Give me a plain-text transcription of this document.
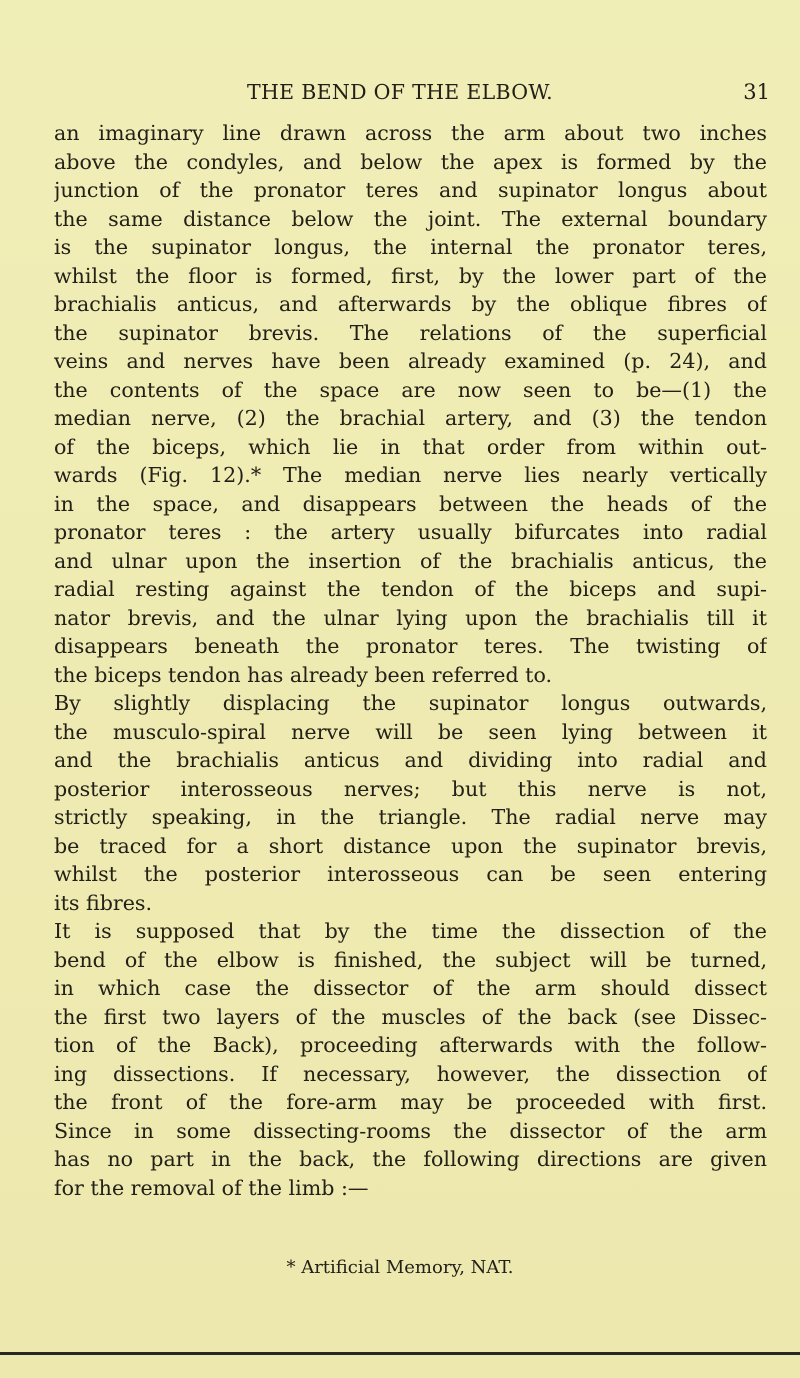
THE BEND OF THE ELBOW.	31
an imaginary line drawn across the arm about two inches
above the condyles, and below the apex is formed by the
junction of the pronator teres and supinator longus about
the same distance below the joint. The external boundary
is the supinator longus, the internal the pronator teres,
whilst the floor is formed, first, by the lower part of the
brachialis anticus, and afterwards by the oblique fibres of
the supinator brevis. The relations of the superficial
veins and nerves have been already examined (p. 24), and
the contents of the space are now seen to be—(1) the
median nerve, (2) the brachial artery, and (3) the tendon
of the biceps, which lie in that order from within out-
wards (Fig. 12).* The median nerve lies nearly vertically
in the space, and disappears between the heads of the
pronator teres : the artery usually bifurcates into radial
and ulnar upon the insertion of the brachialis anticus, the
radial resting against the tendon of the biceps and supi-
nator brevis, and the ulnar lying upon the brachialis till it
disappears beneath the pronator teres. The twisting of
the biceps tendon has already been referred to.
By slightly displacing the supinator longus outwards,
the musculo-spiral nerve will be seen lying between it
and the brachialis anticus and dividing into radial and
posterior interosseous nerves; but this nerve is not,
strictly speaking, in the triangle. The radial nerve may
be traced for a short distance upon the supinator brevis,
whilst the posterior interosseous can be seen entering
its fibres.
It is supposed that by the time the dissection of the
bend of the elbow is finished, the subject will be turned,
in which case the dissector of the arm should dissect
the first two layers of the muscles of the back (see Dissec-
tion of the Back), proceeding afterwards with the follow-
ing dissections. If necessary, however, the dissection of
the front of the fore-arm may be proceeded with first.
Since in some dissecting-rooms the dissector of the arm
has no part in the back, the following directions are given
for the removal of the limb :—
* Artificial Memory, NAT.
